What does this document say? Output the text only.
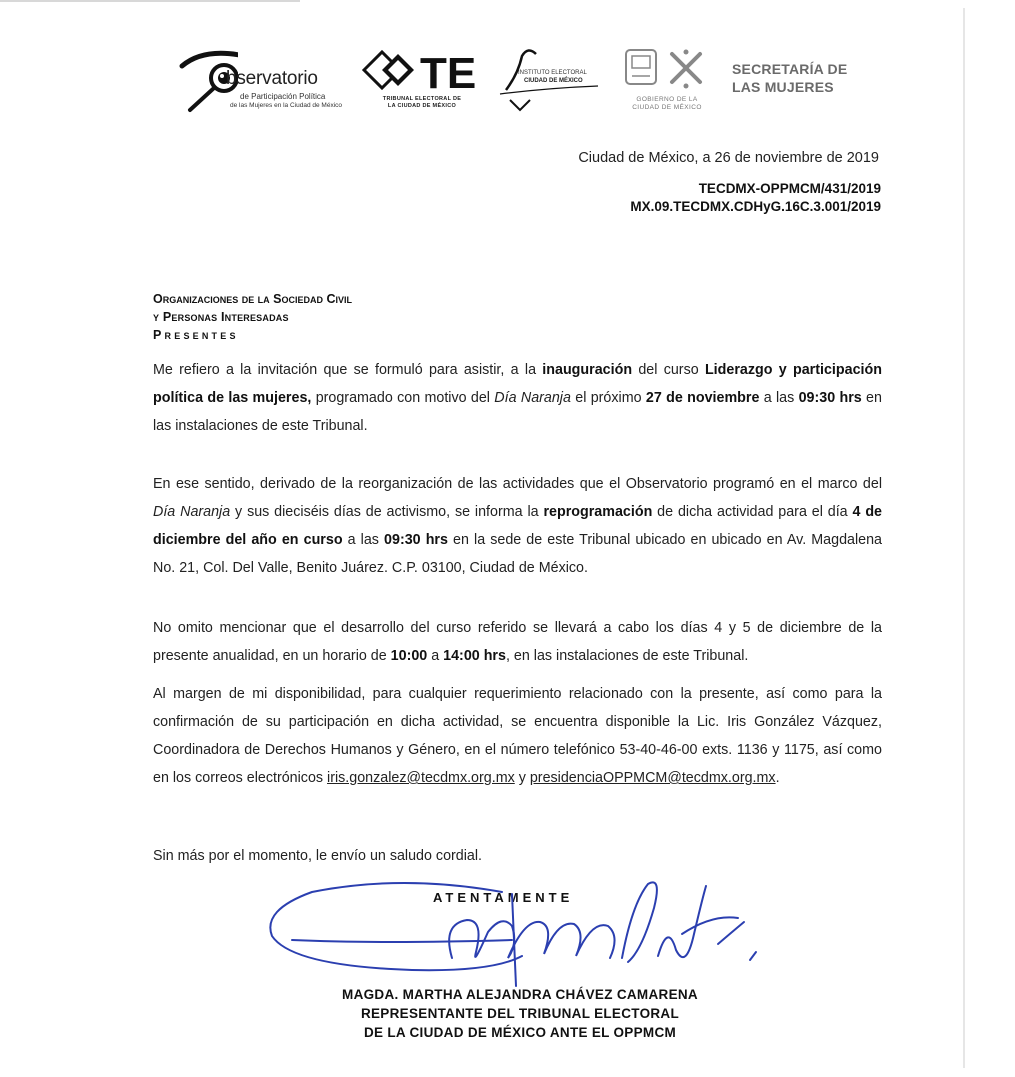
bservatorio
de Participación Política
de las Mujeres en la Ciudad de México
TE
TRIBUNAL ELECTORAL DE LA CIUDAD DE MÉXICO
INSTITUTO ELECTORAL
CIUDAD DE MÉXICO
GOBIERNO DE LA
CIUDAD DE MÉXICO
SECRETARÍA DE
LAS MUJERES
Ciudad de México, a 26 de noviembre de 2019
TECDMX-OPPMCM/431/2019
MX.09.TECDMX.CDHyG.16C.3.001/2019
Organizaciones de la Sociedad Civil
y Personas Interesadas
Presentes
Me refiero a la invitación que se formuló para asistir, a la inauguración del curso Liderazgo y participación política de las mujeres, programado con motivo del Día Naranja el próximo 27 de noviembre a las 09:30 hrs en las instalaciones de este Tribunal.
En ese sentido, derivado de la reorganización de las actividades que el Observatorio programó en el marco del Día Naranja y sus dieciséis días de activismo, se informa la reprogramación de dicha actividad para el día 4 de diciembre del año en curso a las 09:30 hrs en la sede de este Tribunal ubicado en ubicado en Av. Magdalena No. 21, Col. Del Valle, Benito Juárez. C.P. 03100, Ciudad de México.
No omito mencionar que el desarrollo del curso referido se llevará a cabo los días 4 y 5 de diciembre de la presente anualidad, en un horario de 10:00 a 14:00 hrs, en las instalaciones de este Tribunal.
Al margen de mi disponibilidad, para cualquier requerimiento relacionado con la presente, así como para la confirmación de su participación en dicha actividad, se encuentra disponible la Lic. Iris González Vázquez, Coordinadora de Derechos Humanos y Género, en el número telefónico 53-40-46-00 exts. 1136 y 1175, así como en los correos electrónicos iris.gonzalez@tecdmx.org.mx y presidenciaOPPMCM@tecdmx.org.mx.
Sin más por el momento, le envío un saludo cordial.
ATENTAMENTE
MAGDA. MARTHA ALEJANDRA CHÁVEZ CAMARENA
REPRESENTANTE DEL TRIBUNAL ELECTORAL
DE LA CIUDAD DE MÉXICO ANTE EL OPPMCM
